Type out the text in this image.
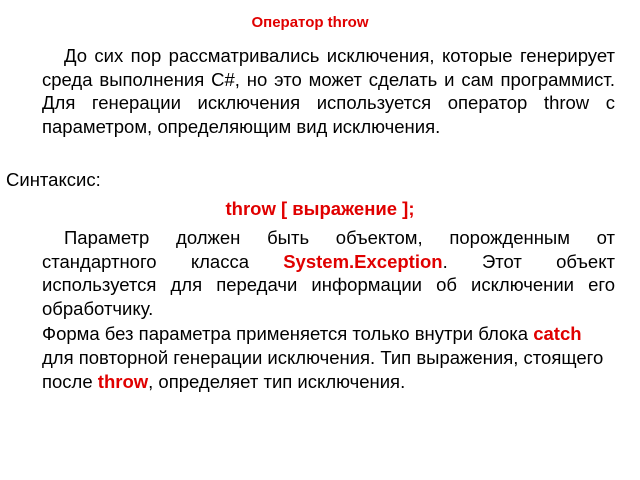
Оператор throw

До сих пор рассматривались исключения, которые генерирует среда выполнения C#, но это может сделать и сам программист. Для генерации исключения используется оператор throw с параметром, определяющим вид исключения.

Синтаксис:

throw [ выражение ];

Параметр должен быть объектом, порожденным от стандартного класса System.Exception. Этот объект используется для передачи информации об исключении его обработчику.

Форма без параметра применяется только внутри блока catch для повторной генерации исключения. Тип выражения, стоящего после throw, определяет тип исключения.
